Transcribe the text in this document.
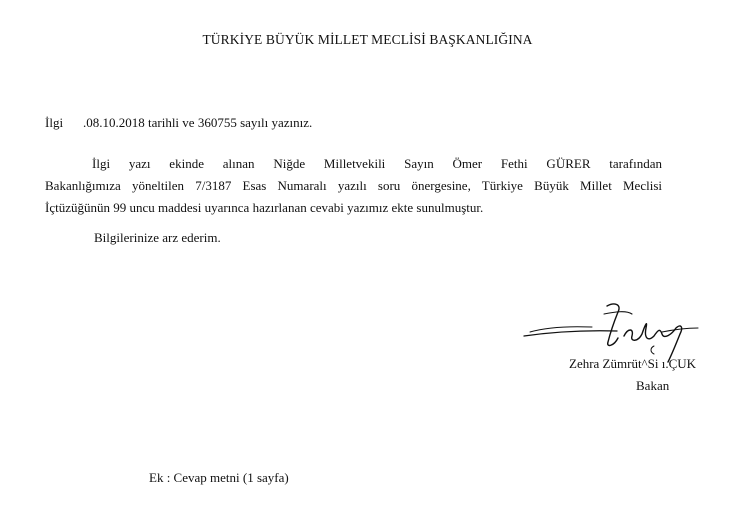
TÜRKİYE BÜYÜK MİLLET MECLİSİ BAŞKANLIĞINA
İlgi .08.10.2018 tarihli ve 360755 sayılı yazınız.
İlgi yazı ekinde alınan Niğde Milletvekili Sayın Ömer Fethi GÜRER tarafından
Bakanlığımıza yöneltilen 7/3187 Esas Numaralı yazılı soru önergesine, Türkiye Büyük Millet Meclisi
İçtüzüğünün 99 uncu maddesi uyarınca hazırlanan cevabi yazımız ekte sunulmuştur.
Bilgilerinize arz ederim.
Zehra Zümrüt^Si ı.ÇUK
Bakan
Ek : Cevap metni (1 sayfa)
